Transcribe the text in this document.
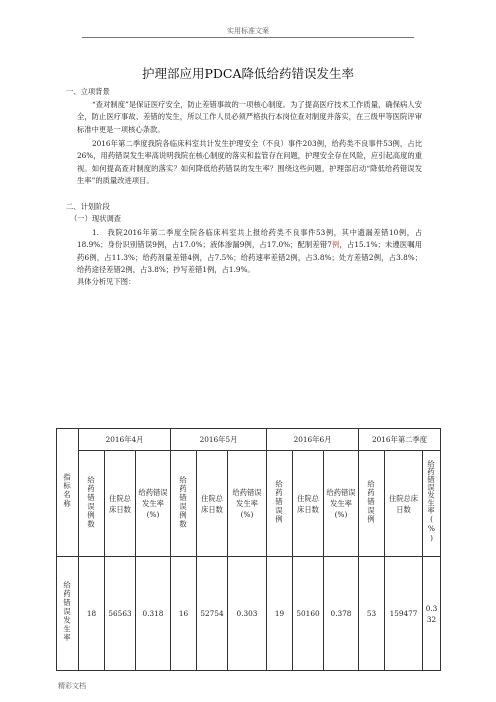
实用标准文案
护理部应用PDCA降低给药错误发生率
一、立项背景
“查对制度”是保证医疗安全，防止差错事故的一项核心制度。为了提高医疗技术工作质量，确保病人安全，防止医疗事故、差错的发生，所以工作人员必须严格执行本岗位查对制度并落实，在三级甲等医院评审标准中更是一项核心条款。
2016年第二季度我院各临床科室共计发生护理安全（不良）事件203例，给药类不良事件53例，占比26%，用药错误发生率高说明我院在核心制度的落实和监管存在问题，护理安全存在风险，应引起高度的重视。如何提高查对制度的落实？如何降低给药错误的发生率？围绕这些问题，护理部启动“降低给药错误发生率”的质量改进项目。
二、计划阶段
（一）现状调查
1.　我院2016年第二季度全院各临床科室共上报给药类不良事件53例，其中遗漏差错10例，占18.9%；身份识别错误9例，占17.0%；液体渗漏9例，占17.0%；配制差错7例，占15.1%；未遵医嘱用药6例，占11.3%；给药剂量差错4例，占7.5%；给药速率差错2例，占3.8%；处方差错2例，占3.8%；给药途径差错2例，占3.8%；抄写差错1例，占1.9%。
具体分析见下图：
指标名称	2016年4月			2016年5月			2016年6月			2016年第二季度		
	给药错误例数	住院总床日数	给药错误发生率(%)	给药错误例数	住院总床日数	给药错误发生率(%)	给药错误例	住院总床日数	给药错误发生率(%)	给药错误例	住院总床日数	给药错误发生率(%)
给药错误发生率	18	56563	0.318	16	52754	0.303	19	50160	0.378	53	159477	0.332
精彩文档
